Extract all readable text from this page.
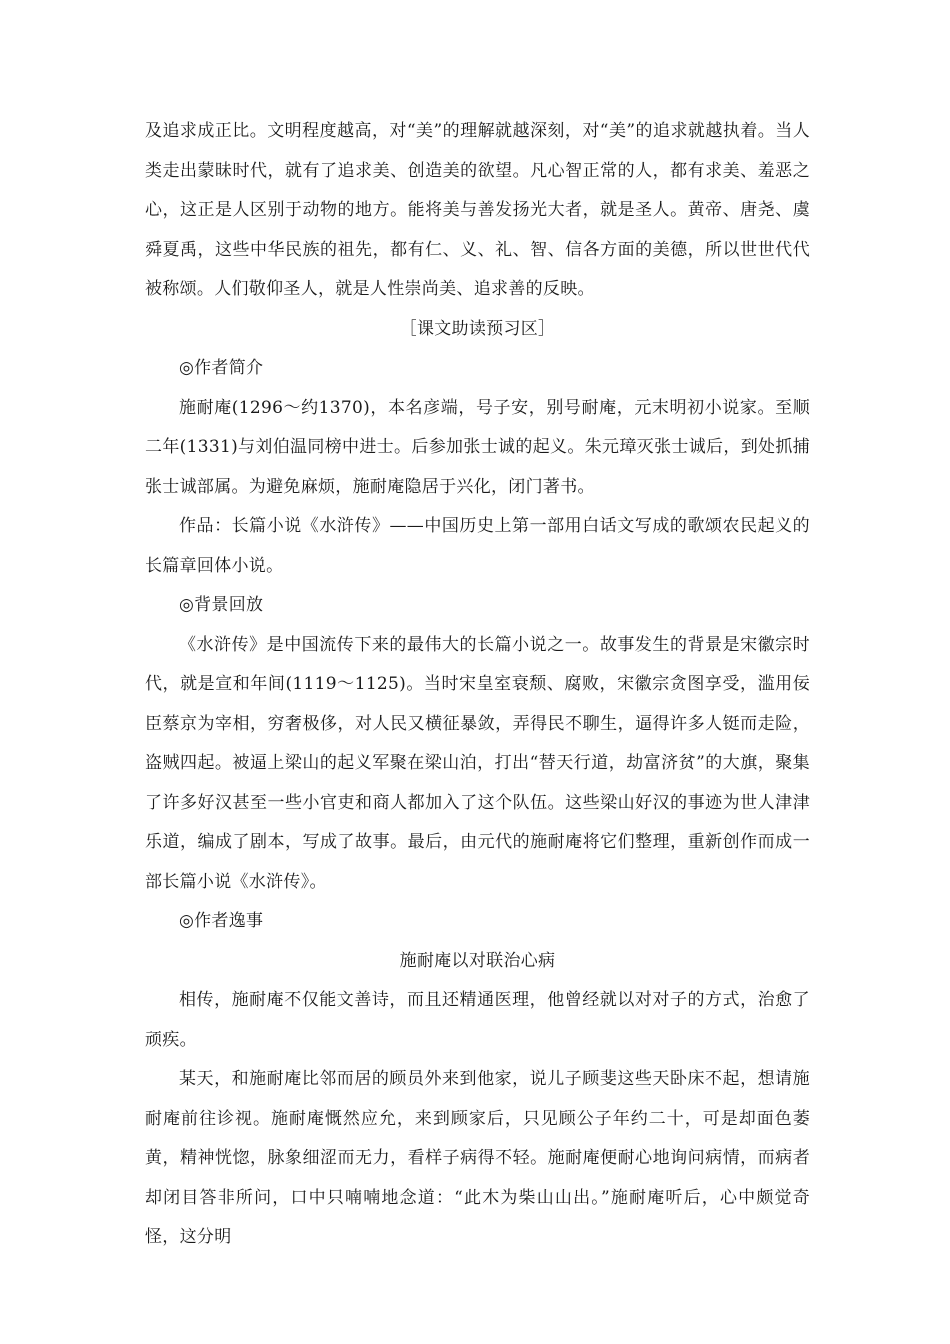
及追求成正比。文明程度越高，对“美”的理解就越深刻，对“美”的追求就越执着。当人类走出蒙昧时代，就有了追求美、创造美的欲望。凡心智正常的人，都有求美、羞恶之心，这正是人区别于动物的地方。能将美与善发扬光大者，就是圣人。黄帝、唐尧、虞舜夏禹，这些中华民族的祖先，都有仁、义、礼、智、信各方面的美德，所以世世代代被称颂。人们敬仰圣人，就是人性崇尚美、追求善的反映。

［课文助读预习区］

◎作者简介

施耐庵(1296～约1370)，本名彦端，号子安，别号耐庵，元末明初小说家。至顺二年(1331)与刘伯温同榜中进士。后参加张士诚的起义。朱元璋灭张士诚后，到处抓捕张士诚部属。为避免麻烦，施耐庵隐居于兴化，闭门著书。

作品：长篇小说《水浒传》——中国历史上第一部用白话文写成的歌颂农民起义的长篇章回体小说。

◎背景回放

《水浒传》是中国流传下来的最伟大的长篇小说之一。故事发生的背景是宋徽宗时代，就是宣和年间(1119～1125)。当时宋皇室衰颓、腐败，宋徽宗贪图享受，滥用佞臣蔡京为宰相，穷奢极侈，对人民又横征暴敛，弄得民不聊生，逼得许多人铤而走险，盗贼四起。被逼上梁山的起义军聚在梁山泊，打出“替天行道，劫富济贫”的大旗，聚集了许多好汉甚至一些小官吏和商人都加入了这个队伍。这些梁山好汉的事迹为世人津津乐道，编成了剧本，写成了故事。最后，由元代的施耐庵将它们整理，重新创作而成一部长篇小说《水浒传》。

◎作者逸事

施耐庵以对联治心病

相传，施耐庵不仅能文善诗，而且还精通医理，他曾经就以对对子的方式，治愈了顽疾。

某天，和施耐庵比邻而居的顾员外来到他家，说儿子顾斐这些天卧床不起，想请施耐庵前往诊视。施耐庵慨然应允，来到顾家后，只见顾公子年约二十，可是却面色萎黄，精神恍惚，脉象细涩而无力，看样子病得不轻。施耐庵便耐心地询问病情，而病者却闭目答非所问，口中只喃喃地念道：“此木为柴山山出。”施耐庵听后，心中颇觉奇怪，这分明
